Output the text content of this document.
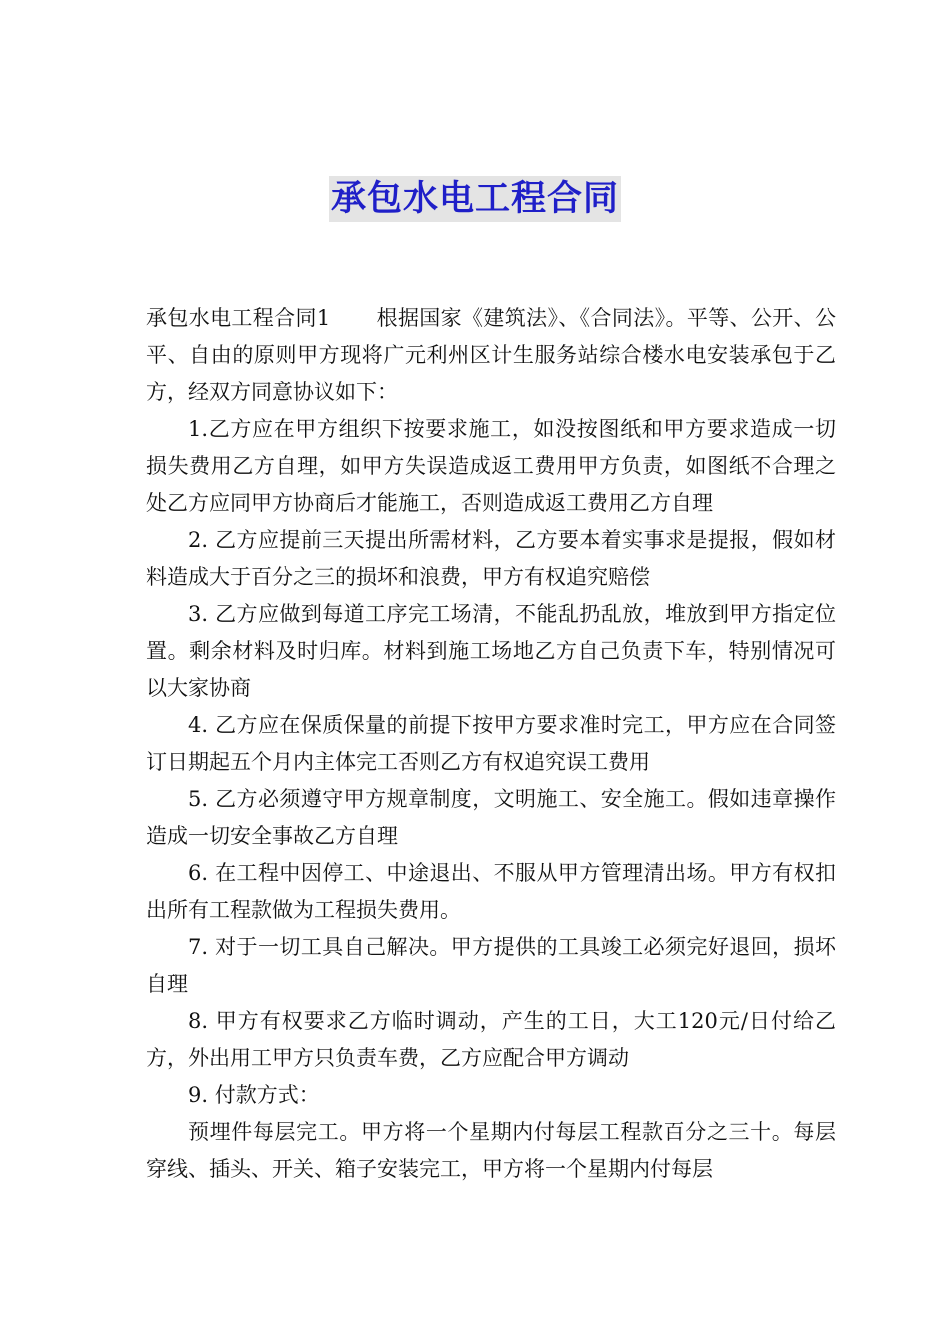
承包水电工程合同

承包水电工程合同1 根据国家《建筑法》、《合同法》。平等、公开、公平、自由的原则甲方现将广元利州区计生服务站综合楼水电安装承包于乙方，经双方同意协议如下：

1.乙方应在甲方组织下按要求施工，如没按图纸和甲方要求造成一切损失费用乙方自理，如甲方失误造成返工费用甲方负责，如图纸不合理之处乙方应同甲方协商后才能施工，否则造成返工费用乙方自理

2. 乙方应提前三天提出所需材料，乙方要本着实事求是提报，假如材料造成大于百分之三的损坏和浪费，甲方有权追究赔偿

3. 乙方应做到每道工序完工场清，不能乱扔乱放，堆放到甲方指定位置。剩余材料及时归库。材料到施工场地乙方自己负责下车，特别情况可以大家协商

4. 乙方应在保质保量的前提下按甲方要求准时完工，甲方应在合同签订日期起五个月内主体完工否则乙方有权追究误工费用

5. 乙方必须遵守甲方规章制度，文明施工、安全施工。假如违章操作造成一切安全事故乙方自理

6. 在工程中因停工、中途退出、不服从甲方管理清出场。甲方有权扣出所有工程款做为工程损失费用。

7. 对于一切工具自己解决。甲方提供的工具竣工必须完好退回，损坏自理

8. 甲方有权要求乙方临时调动，产生的工日，大工120元/日付给乙方，外出用工甲方只负责车费，乙方应配合甲方调动

9. 付款方式：

预埋件每层完工。甲方将一个星期内付每层工程款百分之三十。每层穿线、插头、开关、箱子安装完工，甲方将一个星期内付每层
